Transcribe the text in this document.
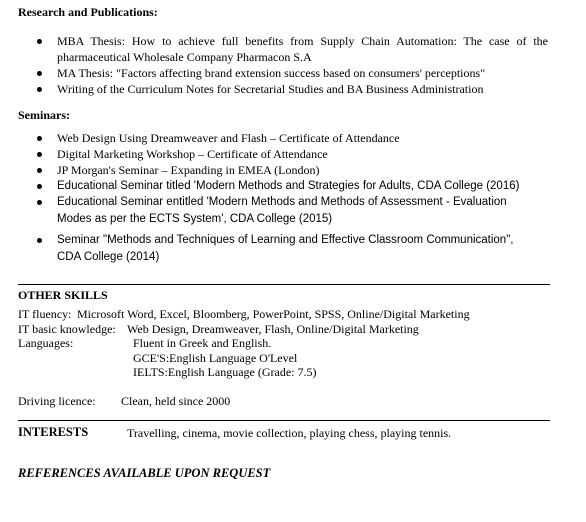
Research and Publications:
MBA Thesis: How to achieve full benefits from Supply Chain Automation: The case of the pharmaceutical Wholesale Company Pharmacon S.A
MA Thesis: "Factors affecting brand extension success based on consumers' perceptions"
Writing of the Curriculum Notes for Secretarial Studies and BA Business Administration
Seminars:
Web Design Using Dreamweaver and Flash – Certificate of Attendance
Digital Marketing Workshop – Certificate of Attendance
JP Morgan's Seminar – Expanding in EMEA (London)
Educational Seminar titled 'Modern Methods and Strategies for Adults, CDA College (2016)
Educational Seminar entitled 'Modern Methods and Methods of Assessment - Evaluation Modes as per the ECTS System', CDA College (2015)
Seminar "Methods and Techniques of Learning and Effective Classroom Communication", CDA College (2014)
OTHER SKILLS
IT fluency: Microsoft Word, Excel, Bloomberg, PowerPoint, SPSS, Online/Digital Marketing
IT basic knowledge: Web Design, Dreamweaver, Flash, Online/Digital Marketing
Languages:	Fluent in Greek and English.
GCE'S:English Language O'Level
IELTS:English Language (Grade: 7.5)
Driving licence: Clean, held since 2000
INTERESTS	Travelling, cinema, movie collection, playing chess, playing tennis.
REFERENCES AVAILABLE UPON REQUEST
